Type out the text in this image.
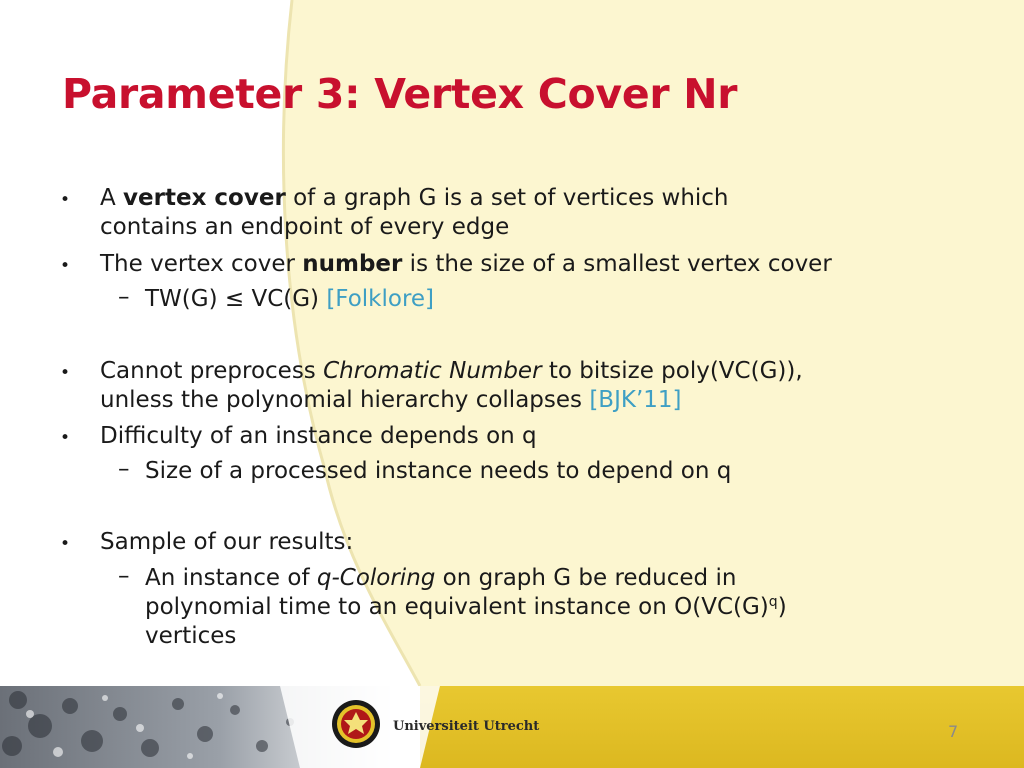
Parameter 3: Vertex Cover Nr
• A vertex cover of a graph G is a set of vertices which
contains an endpoint of every edge
• The vertex cover number is the size of a smallest vertex cover
– TW(G) ≤ VC(G) [Folklore]
• Cannot preprocess Chromatic Number to bitsize poly(VC(G)),
unless the polynomial hierarchy collapses [BJK’11]
• Difficulty of an instance depends on q
– Size of a processed instance needs to depend on q
• Sample of our results:
– An instance of q-Coloring on graph G be reduced in
polynomial time to an equivalent instance on $O(VC(G)^q)$
vertices
Universiteit Utrecht	7
